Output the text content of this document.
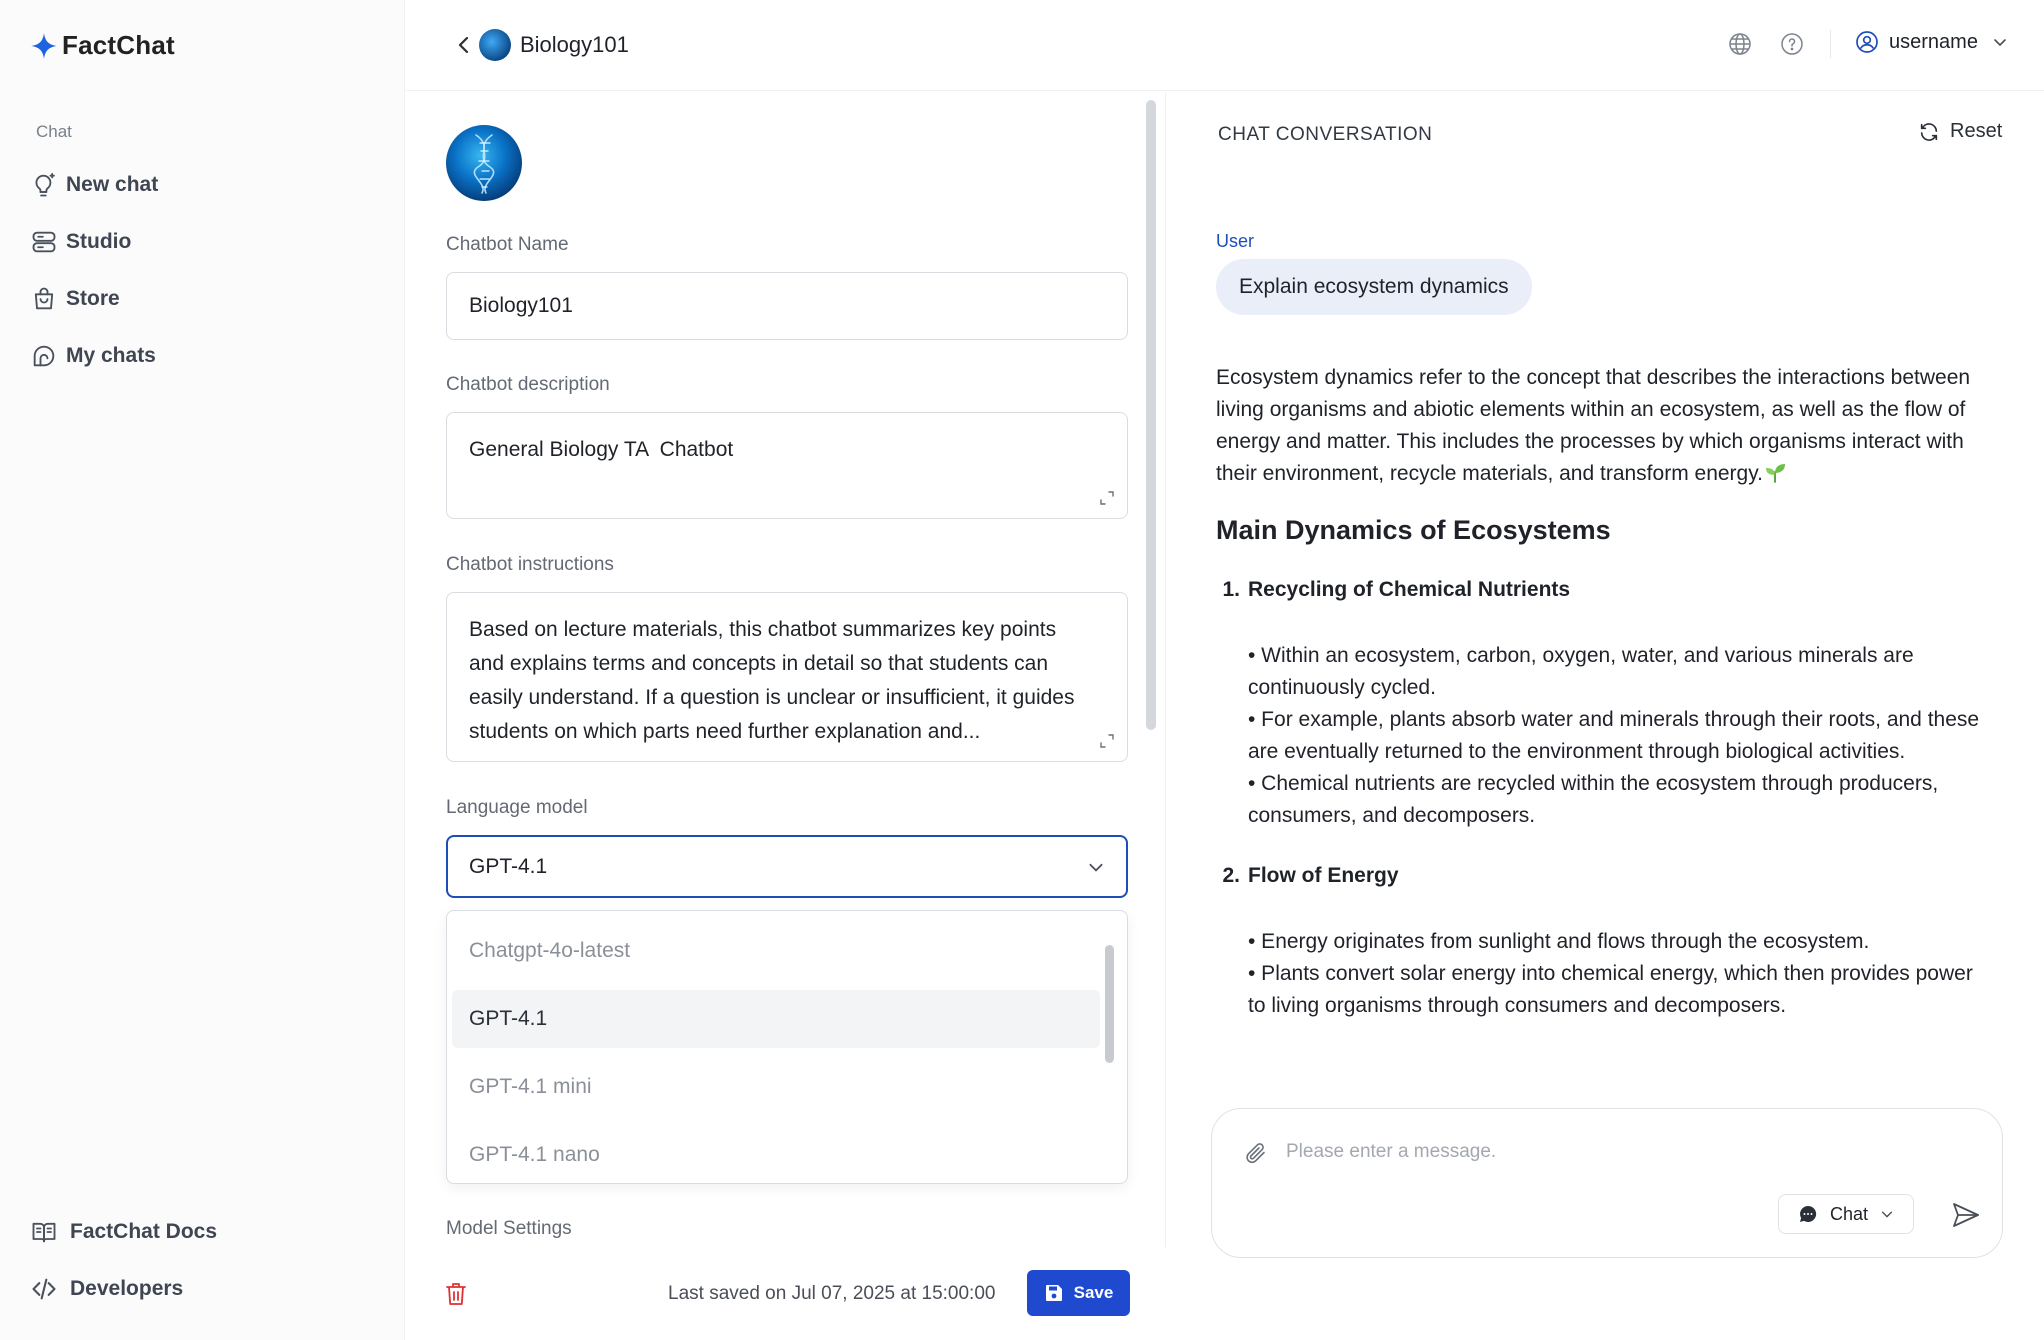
FactChat
Chat
New chat
Studio
Store
My chats
FactChat Docs
Developers
Biology101	username
Chatbot Name
Biology101
Chatbot description
General Biology TA  Chatbot
Chatbot instructions
Based on lecture materials, this chatbot summarizes key points and explains terms and concepts in detail so that students can easily understand. If a question is unclear or insufficient, it guides students on which parts need further explanation and...
Language model
GPT-4.1
Chatgpt-4o-latest
GPT-4.1
GPT-4.1 mini
GPT-4.1 nano
Model Settings
Last saved on Jul 07, 2025 at 15:00:00	Save
CHAT CONVERSATION	Reset
User
Explain ecosystem dynamics

Ecosystem dynamics refer to the concept that describes the interactions between living organisms and abiotic elements within an ecosystem, as well as the flow of energy and matter. This includes the processes by which organisms interact with their environment, recycle materials, and transform energy.

Main Dynamics of Ecosystems
1. Recycling of Chemical Nutrients
• Within an ecosystem, carbon, oxygen, water, and various minerals are continuously cycled.
• For example, plants absorb water and minerals through their roots, and these are eventually returned to the environment through biological activities.
• Chemical nutrients are recycled within the ecosystem through producers, consumers, and decomposers.
2. Flow of Energy
• Energy originates from sunlight and flows through the ecosystem.
• Plants convert solar energy into chemical energy, which then provides power to living organisms through consumers and decomposers.
Please enter a message.
Chat
